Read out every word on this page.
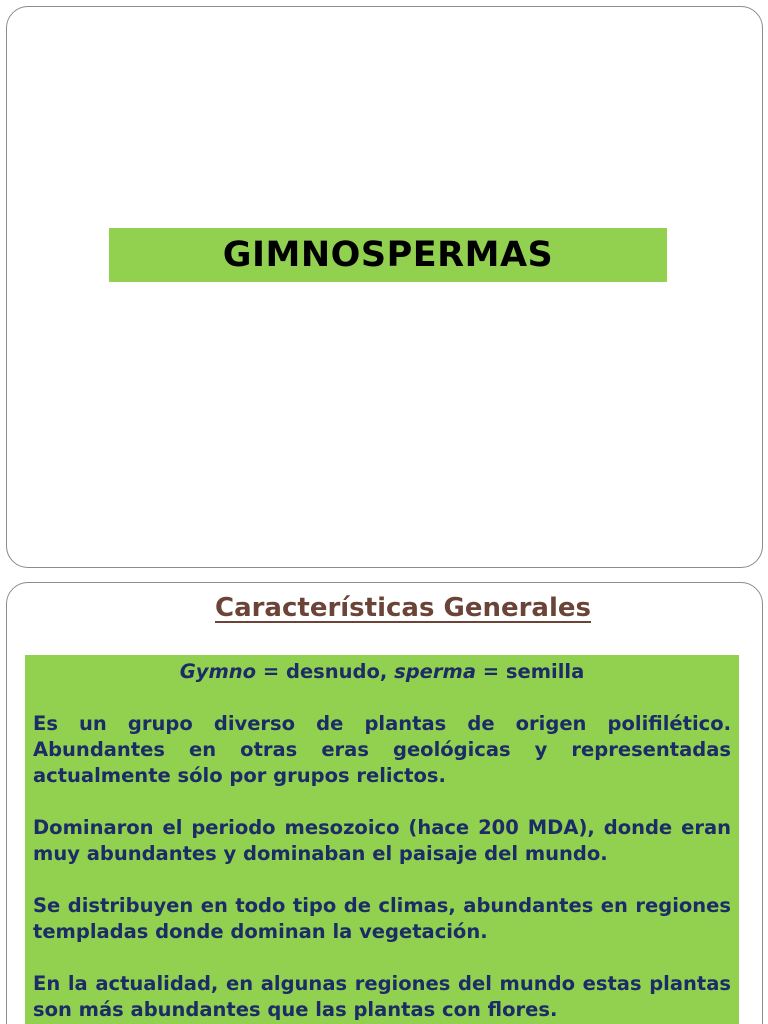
GIMNOSPERMAS
Características Generales

Gymno = desnudo, sperma = semilla

Es un grupo diverso de plantas de origen polifilético. Abundantes en otras eras geológicas y representadas actualmente sólo por grupos relictos.

Dominaron el periodo mesozoico (hace 200 MDA), donde eran muy abundantes y dominaban el paisaje del mundo.

Se distribuyen en todo tipo de climas, abundantes en regiones templadas donde dominan la vegetación.

En la actualidad, en algunas regiones del mundo estas plantas son más abundantes que las plantas con flores.
